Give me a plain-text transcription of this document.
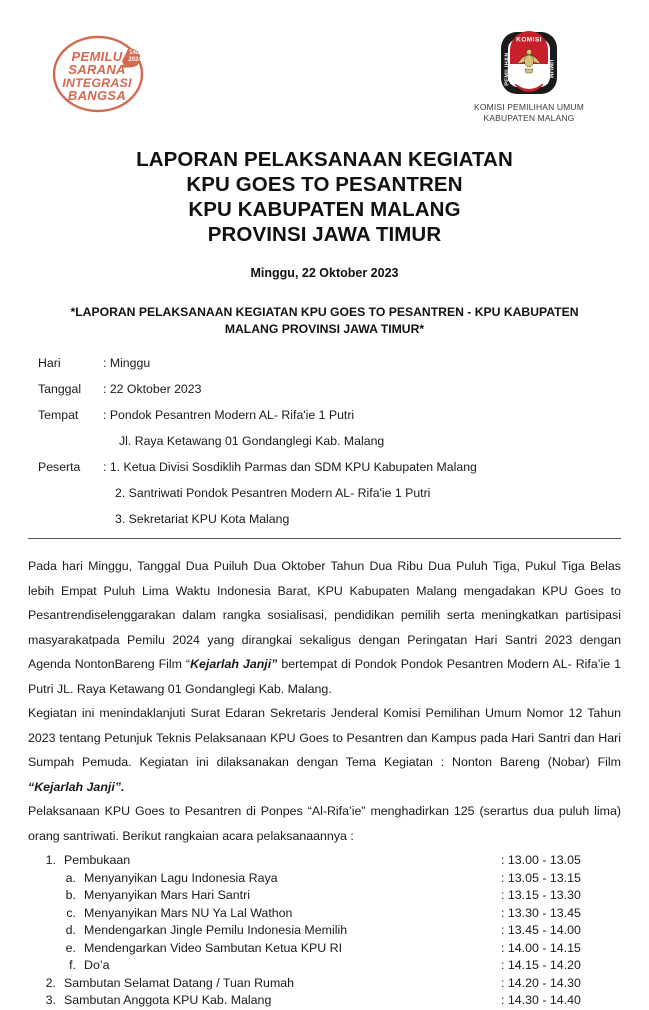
PEMILU
SARANA
INTEGRASI
BANGSA
14/2
2024
KOMISI
PEMILIHAN	UMUM
KOMISI PEMILIHAN UMUM
KABUPATEN MALANG
LAPORAN PELAKSANAAN KEGIATAN
KPU GOES TO PESANTREN
KPU KABUPATEN MALANG
PROVINSI JAWA TIMUR
Minggu, 22 Oktober 2023
*LAPORAN PELAKSANAAN KEGIATAN KPU GOES TO PESANTREN - KPU KABUPATEN
MALANG PROVINSI JAWA TIMUR*
Hari	: Minggu
Tanggal	: 22 Oktober 2023
Tempat	: Pondok Pesantren Modern AL- Rifa'ie 1 Putri
Jl. Raya Ketawang 01 Gondanglegi Kab. Malang
Peserta	: 1. Ketua Divisi Sosdiklih Parmas dan SDM KPU Kabupaten Malang
2. Santriwati Pondok Pesantren Modern AL- Rifa'ie 1 Putri
3. Sekretariat KPU Kota Malang

Pada hari Minggu, Tanggal Dua Puiluh Dua Oktober Tahun Dua Ribu Dua Puluh Tiga, Pukul Tiga Belas lebih Empat Puluh Lima Waktu Indonesia Barat, KPU Kabupaten Malang mengadakan KPU Goes to Pesantrendiselenggarakan dalam rangka sosialisasi, pendidikan pemilih serta meningkatkan partisipasi masyarakatpada Pemilu 2024 yang dirangkai sekaligus dengan Peringatan Hari Santri 2023 dengan Agenda NontonBareng Film “Kejarlah Janji” bertempat di Pondok Pondok Pesantren Modern AL- Rifa’ie 1 Putri JL. Raya Ketawang 01 Gondanglegi Kab. Malang.

Kegiatan ini menindaklanjuti Surat Edaran Sekretaris Jenderal Komisi Pemilihan Umum Nomor 12 Tahun 2023 tentang Petunjuk Teknis Pelaksanaan KPU Goes to Pesantren dan Kampus pada Hari Santri dan Hari Sumpah Pemuda. Kegiatan ini dilaksanakan dengan Tema Kegiatan : Nonton Bareng (Nobar) Film “Kejarlah Janji”.

Pelaksanaan KPU Goes to Pesantren di Ponpes “Al-Rifa’ie” menghadirkan 125 (serartus dua puluh lima) orang santriwati. Berikut rangkaian acara pelaksanaannya :

1. Pembukaan	: 13.00 - 13.05
a. Menyanyikan Lagu Indonesia Raya	: 13.05 - 13.15
b. Menyanyikan Mars Hari Santri	: 13.15 - 13.30
c. Menyanyikan Mars NU Ya Lal Wathon	: 13.30 - 13.45
d. Mendengarkan Jingle Pemilu Indonesia Memilih	: 13.45 - 14.00
e. Mendengarkan Video Sambutan Ketua KPU RI	: 14.00 - 14.15
f. Do’a	: 14.15 - 14.20
2. Sambutan Selamat Datang / Tuan Rumah	: 14.20 - 14.30
3. Sambutan Anggota KPU Kab. Malang	: 14.30 - 14.40
